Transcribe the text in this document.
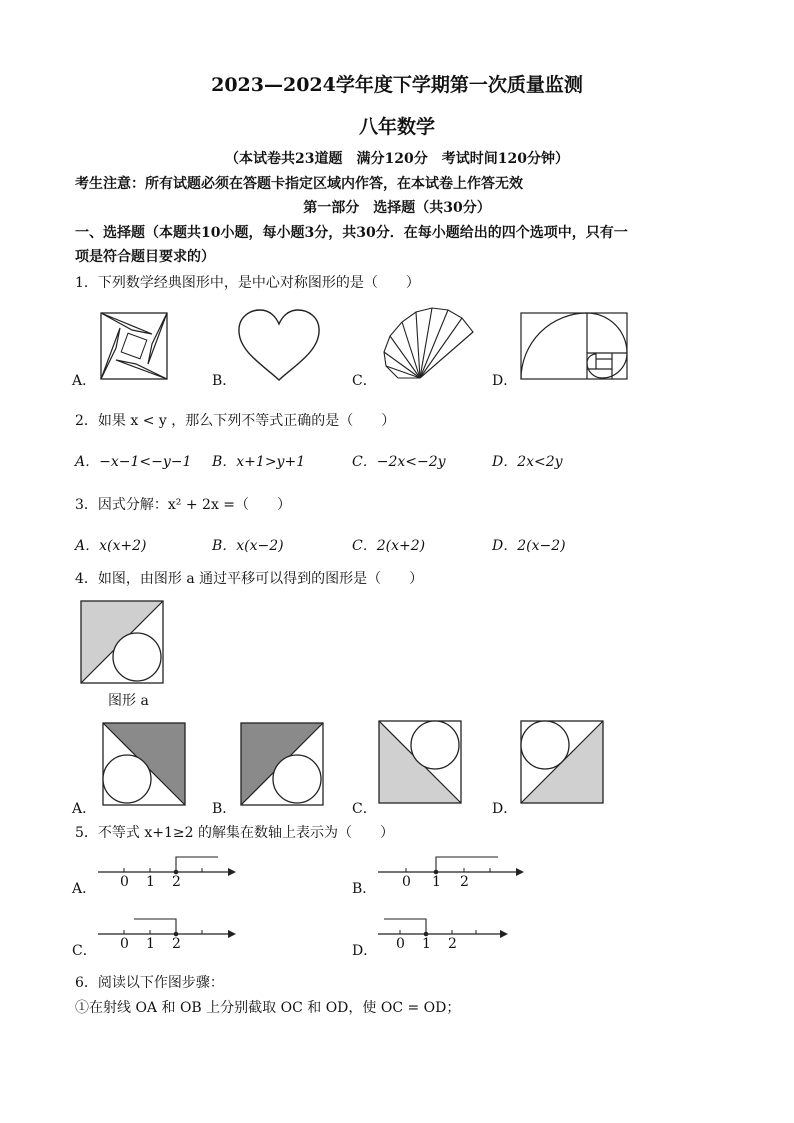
2023—2024学年度下学期第一次质量监测
八年数学
（本试卷共23道题　满分120分　考试时间120分钟）
考生注意：所有试题必须在答题卡指定区域内作答，在本试卷上作答无效
第一部分　选择题（共30分）
一、选择题（本题共10小题，每小题3分，共30分．在每小题给出的四个选项中，只有一
项是符合题目要求的）
1．下列数学经典图形中，是中心对称图形的是（　　）
A．	B．	C．	D．
2．如果 x < y ，那么下列不等式正确的是（　　）
A．−x−1<−y−1 B．x+1>y+1	C．−2x<−2y	D．2x<2y
3．因式分解：x² + 2x =（　　）
A．x(x+2)	B．x(x−2)	C．2(x+2)	D．2(x−2)
4．如图，由图形 a 通过平移可以得到的图形是（　　）
图形 a
A．	B．	C．	D．
5．不等式 x+1≥2 的解集在数轴上表示为（　　）
A． 0 1 2	B． 0 1 2
C． 0 1 2	D． 0 1 2
6．阅读以下作图步骤：
①在射线 OA 和 OB 上分别截取 OC 和 OD，使 OC = OD；
